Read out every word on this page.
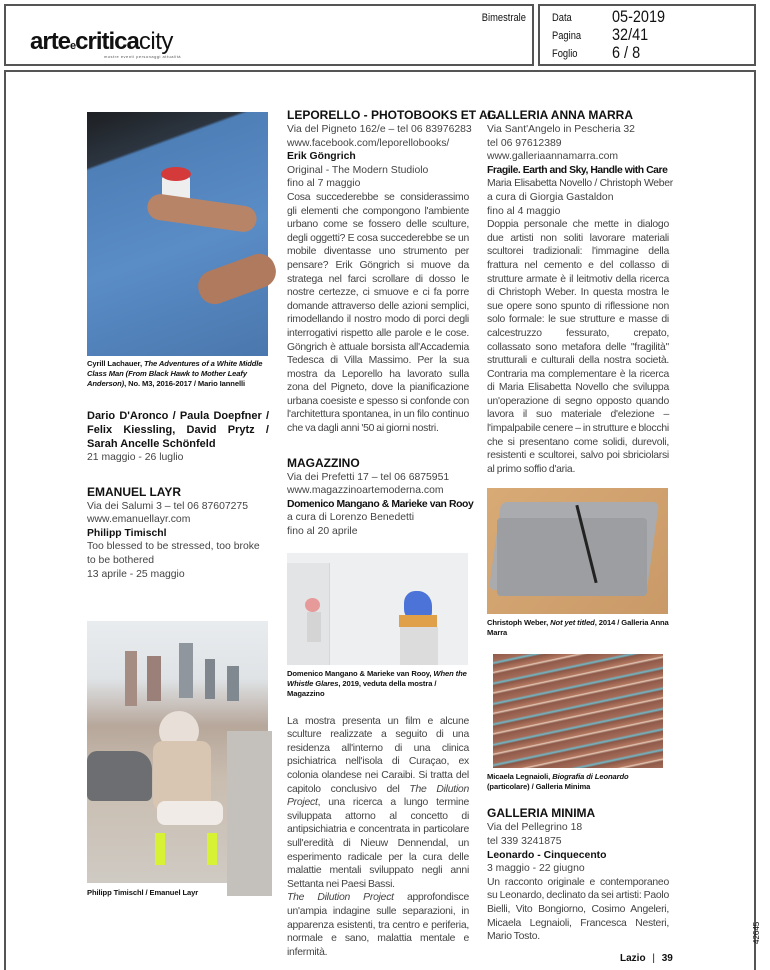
arteecriticacity
mostre eventi personaggi attualità
Bimestrale Data 05-2019
Pagina 32/41
Foglio 6 / 8
Cyrill Lachauer, The Adventures of a White Middle Class Man (From Black Hawk to Mother Leafy Anderson), No. M3, 2016-2017 / Mario Iannelli
Dario D'Aronco / Paula Doepfner / Felix Kiessling, David Prytz / Sarah Ancelle Schönfeld
21 maggio - 26 luglio
EMANUEL LAYR
Via dei Salumi 3 – tel 06 87607275
www.emanuellayr.com
Philipp Timischl
Too blessed to be stressed, too broke
to be bothered
13 aprile - 25 maggio
Philipp Timischl / Emanuel Layr
LEPORELLO - PHOTOBOOKS ET AL.
Via del Pigneto 162/e – tel 06 83976283
www.facebook.com/leporellobooks/
Erik Göngrich
Original - The Modern Studiolo
fino al 7 maggio
Cosa succederebbe se considerassimo gli elementi che compongono l'ambiente urbano come se fossero delle sculture, degli oggetti? E cosa succederebbe se un mobile diventasse uno strumento per pensare? Erik Göngrich si muove da stratega nel farci scrollare di dosso le nostre certezze, ci smuove e ci fa porre domande attraverso delle azioni semplici, rimodellando il nostro modo di porci degli interrogativi rispetto alle parole e le cose. Göngrich è attuale borsista all'Accademia Tedesca di Villa Massimo. Per la sua mostra da Leporello ha lavorato sulla zona del Pigneto, dove la pianificazione urbana coesiste e spesso si confonde con l'architettura spontanea, in un filo continuo che va dagli anni '50 ai giorni nostri.
MAGAZZINO
Via dei Prefetti 17 – tel 06 6875951
www.magazzinoartemoderna.com
Domenico Mangano & Marieke van Rooy
a cura di Lorenzo Benedetti
fino al 20 aprile
Domenico Mangano & Marieke van Rooy, When the Whistle Glares, 2019, veduta della mostra / Magazzino
La mostra presenta un film e alcune sculture realizzate a seguito di una residenza all'interno di una clinica psichiatrica nell'isola di Curaçao, ex colonia olandese nei Caraibi. Si tratta del capitolo conclusivo del The Dilution Project, una ricerca a lungo termine sviluppata attorno al concetto di antipsichiatria e concentrata in particolare sull'eredità di Nieuw Dennendal, un esperimento radicale per la cura delle malattie mentali sviluppato negli anni Settanta nei Paesi Bassi.
The Dilution Project approfondisce un'ampia indagine sulle separazioni, in apparenza esistenti, tra centro e periferia, normale e sano, malattia mentale e infermità.
GALLERIA ANNA MARRA
Via Sant'Angelo in Pescheria 32
tel 06 97612389
www.galleriaannamarra.com
Fragile. Earth and Sky, Handle with Care
Maria Elisabetta Novello / Christoph Weber
a cura di Giorgia Gastaldon
fino al 4 maggio
Doppia personale che mette in dialogo due artisti non soliti lavorare materiali scultorei tradizionali: l'immagine della frattura nel cemento e del collasso di strutture armate è il leitmotiv della ricerca di Christoph Weber. In questa mostra le sue opere sono spunto di riflessione non solo formale: le sue strutture e masse di calcestruzzo fessurato, crepato, collassato sono metafora delle "fragilità" strutturali e culturali della nostra società. Contraria ma complementare è la ricerca di Maria Elisabetta Novello che sviluppa un'operazione di segno opposto quando lavora il suo materiale d'elezione – l'impalpabile cenere – in strutture e blocchi che si presentano come solidi, durevoli, resistenti e scultorei, salvo poi sbriciolarsi al primo soffio d'aria.
Christoph Weber, Not yet titled, 2014 / Galleria Anna Marra
Micaela Legnaioli, Biografia di Leonardo (particolare) / Galleria Minima
GALLERIA MINIMA
Via del Pellegrino 18
tel 339 3241875
Leonardo - Cinquecento
3 maggio - 22 giugno
Un racconto originale e contemporaneo su Leonardo, declinato da sei artisti: Paolo Bielli, Vito Bongiorno, Cosimo Angeleri, Micaela Legnaioli, Francesca Nesteri, Mario Tosto.
Lazio | 39
42645
